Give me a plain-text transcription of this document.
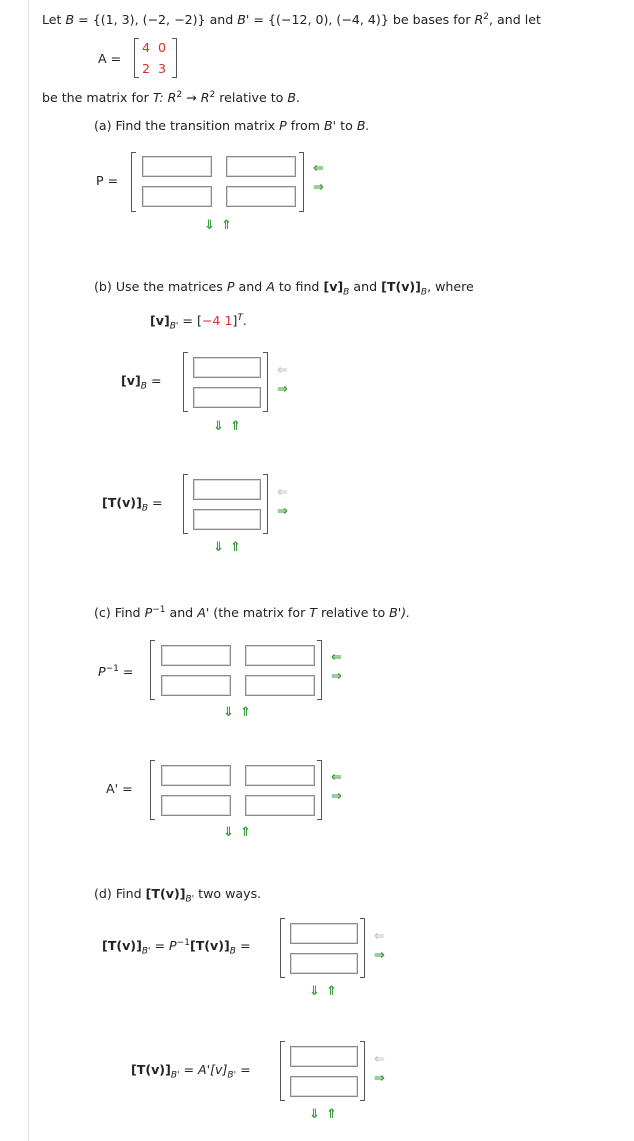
Let B = {(1, 3), (−2, −2)} and B' = {(−12, 0), (−4, 4)} be bases for $R^2$, and let
A =
4 0
2 3
be the matrix for T: $R^2 \to R^2$ relative to B.
(a) Find the transition matrix P from B' to B.
P =
⇐
⇒
⇓ ⇑
(b) Use the matrices P and A to find $[v]_B$ and $[T(v)]_B$, where
$[v]_{B'} = [-4$ 1]$^T$.
$[v]_B$ =
⇐
⇒
⇓ ⇑
$[T(v)]_B$ =
⇐
⇒
⇓ ⇑
(c) Find $P^{-1}$ and A' (the matrix for T relative to B').
$P^{-1}$ =
⇐
⇒
⇓ ⇑
A' =
⇐
⇒
⇓ ⇑
(d) Find $[T(v)]_{B'}$ two ways.
$[T(v)]_{B'} = P^{-1}[T(v)]_B$ =
⇐
⇒
⇓ ⇑
$[T(v)]_{B'} = A'[v]_{B'}$ =
⇐
⇒
⇓ ⇑
